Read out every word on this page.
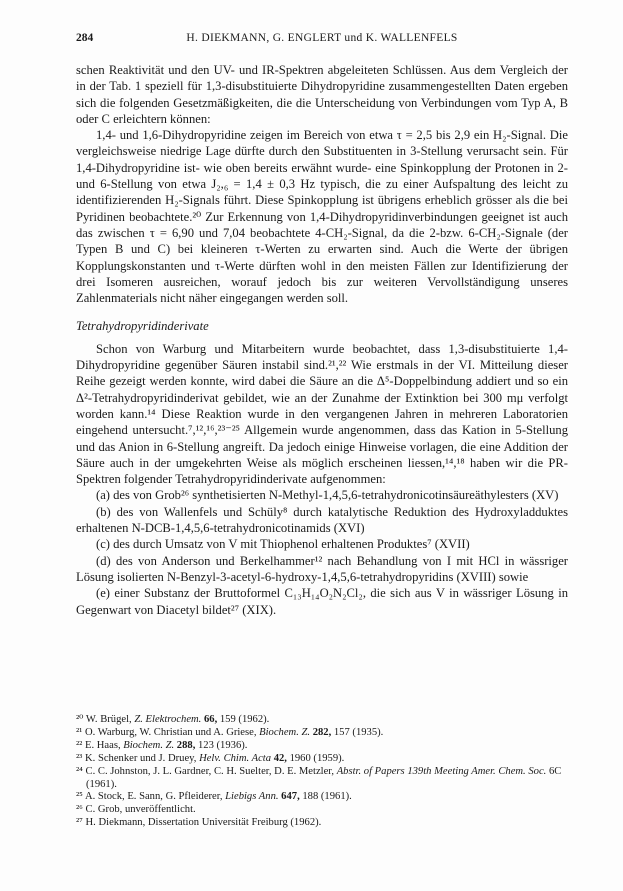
284	H. DIEKMANN, G. ENGLERT und K. WALLENFELS

schen Reaktivität und den UV- und IR-Spektren abgeleiteten Schlüssen. Aus dem Vergleich der in der Tab. 1 speziell für 1,3-disubstituierte Dihydropyridine zusammengestellten Daten ergeben sich die folgenden Gesetzmäßigkeiten, die die Unterscheidung von Verbindungen vom Typ A, B oder C erleichtern können:

1,4- und 1,6-Dihydropyridine zeigen im Bereich von etwa τ = 2,5 bis 2,9 ein H₂-Signal. Die vergleichsweise niedrige Lage dürfte durch den Substituenten in 3-Stellung verursacht sein. Für 1,4-Dihydropyridine ist- wie oben bereits erwähnt wurde- eine Spinkopplung der Protonen in 2- und 6-Stellung von etwa J₂,₆ = 1,4 ± 0,3 Hz typisch, die zu einer Aufspaltung des leicht zu identifizierenden H₂-Signals führt. Diese Spinkopplung ist übrigens erheblich grösser als die bei Pyridinen beobachtete.²⁰ Zur Erkennung von 1,4-Dihydropyridinverbindungen geeignet ist auch das zwischen τ = 6,90 und 7,04 beobachtete 4-CH₂-Signal, da die 2-bzw. 6-CH₂-Signale (der Typen B und C) bei kleineren τ-Werten zu erwarten sind. Auch die Werte der übrigen Kopplungskonstanten und τ-Werte dürften wohl in den meisten Fällen zur Identifizierung der drei Isomeren ausreichen, worauf jedoch bis zur weiteren Vervollständigung unseres Zahlenmaterials nicht näher eingegangen werden soll.

Tetrahydropyridinderivate

Schon von Warburg und Mitarbeitern wurde beobachtet, dass 1,3-disubstituierte 1,4-Dihydropyridine gegenüber Säuren instabil sind.²¹,²² Wie erstmals in der VI. Mitteilung dieser Reihe gezeigt werden konnte, wird dabei die Säure an die Δ⁵-Doppelbindung addiert und so ein Δ²-Tetrahydropyridinderivat gebildet, wie an der Zunahme der Extinktion bei 300 mμ verfolgt worden kann.¹⁴ Diese Reaktion wurde in den vergangenen Jahren in mehreren Laboratorien eingehend untersucht.⁷,¹²,¹⁶,²³⁻²⁵ Allgemein wurde angenommen, dass das Kation in 5-Stellung und das Anion in 6-Stellung angreift. Da jedoch einige Hinweise vorlagen, die eine Addition der Säure auch in der umgekehrten Weise als möglich erscheinen liessen,¹⁴,¹⁸ haben wir die PR-Spektren folgender Tetrahydropyridinderivate aufgenommen:

(a) des von Grob²⁶ synthetisierten N-Methyl-1,4,5,6-tetrahydronicotinsäureäthylesters (XV)

(b) des von Wallenfels und Schüly⁸ durch katalytische Reduktion des Hydroxyladduktes erhaltenen N-DCB-1,4,5,6-tetrahydronicotinamids (XVI)

(c) des durch Umsatz von V mit Thiophenol erhaltenen Produktes⁷ (XVII)

(d) des von Anderson und Berkelhammer¹² nach Behandlung von I mit HCl in wässriger Lösung isolierten N-Benzyl-3-acetyl-6-hydroxy-1,4,5,6-tetrahydropyridins (XVIII) sowie

(e) einer Substanz der Bruttoformel C₁₃H₁₄O₂N₂Cl₂, die sich aus V in wässriger Lösung in Gegenwart von Diacetyl bildet²⁷ (XIX).

²⁰ W. Brügel, Z. Elektrochem. 66, 159 (1962).
²¹ O. Warburg, W. Christian und A. Griese, Biochem. Z. 282, 157 (1935).
²² E. Haas, Biochem. Z. 288, 123 (1936).
²³ K. Schenker und J. Druey, Helv. Chim. Acta 42, 1960 (1959).
²⁴ C. C. Johnston, J. L. Gardner, C. H. Suelter, D. E. Metzler, Abstr. of Papers 139th Meeting Amer. Chem. Soc. 6C (1961).
²⁵ A. Stock, E. Sann, G. Pfleiderer, Liebigs Ann. 647, 188 (1961).
²⁶ C. Grob, unveröffentlicht.
²⁷ H. Diekmann, Dissertation Universität Freiburg (1962).
